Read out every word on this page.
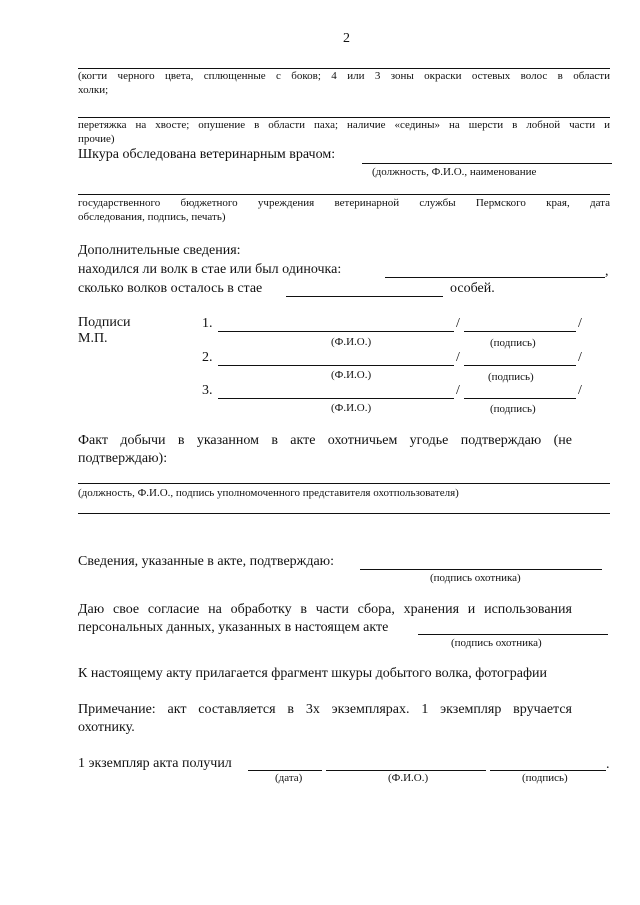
2
(когти черного цвета, сплющенные с боков; 4 или 3 зоны окраски остевых волос в области
холки;
перетяжка на хвосте; опушение в области паха; наличие «седины» на шерсти в лобной части и
прочие)
Шкура обследована ветеринарным врачом:
(должность, Ф.И.О., наименование
государственного бюджетного учреждения ветеринарной службы Пермского края, дата
обследования, подпись, печать)
Дополнительные сведения:
находился ли волк в стае или был одиночка:	,
сколько волков осталось в стае	особей.
Подписи
М.П.
1.	/	/
(Ф.И.О.)	(подпись)
2.	/	/
(Ф.И.О.)	(подпись)
3.	/	/
(Ф.И.О.)	(подпись)
Факт добычи в указанном в акте охотничьем угодье подтверждаю (не
подтверждаю):
(должность, Ф.И.О., подпись уполномоченного представителя охотпользователя)
Сведения, указанные в акте, подтверждаю:
(подпись охотника)
Даю свое согласие на обработку в части сбора, хранения и использования
персональных данных, указанных в настоящем акте
(подпись охотника)
К настоящему акту прилагается фрагмент шкуры добытого волка, фотографии
Примечание: акт составляется в 3х экземплярах. 1 экземпляр вручается
охотнику.
1 экземпляр акта получил	.
(дата)	(Ф.И.О.)	(подпись)
